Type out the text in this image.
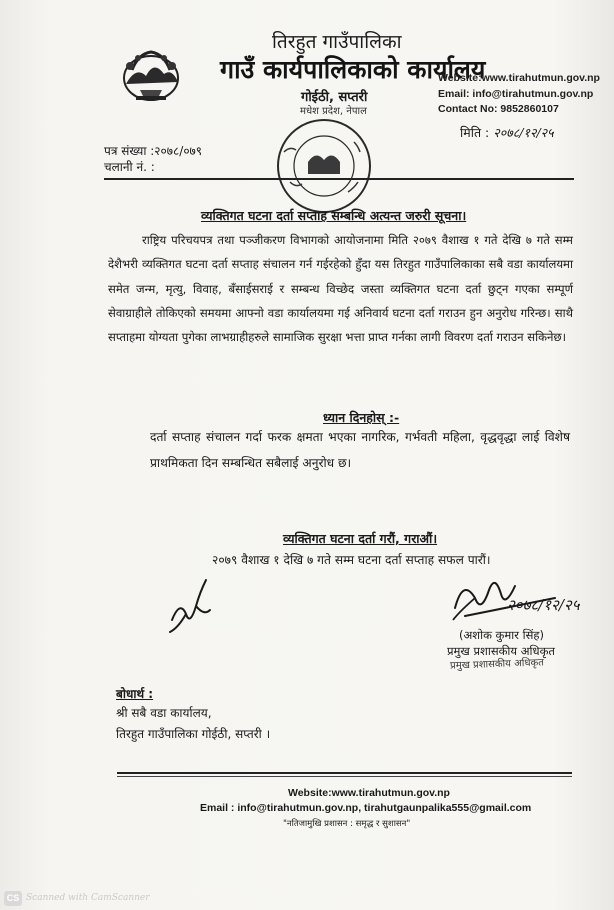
तिरहुत गाउँपालिका
गाउँ कार्यपालिकाको कार्यालय
गोईठी, सप्तरी
मधेश प्रदेश, नेपाल
Website:www.tirahutmun.gov.np
Email: info@tirahutmun.gov.np
Contact No: 9852860107
मिति : २०७८/१२/२५
पत्र संख्या :२०७८/०७९
चलानी नं. :
व्यक्तिगत घटना दर्ता सप्ताह सम्बन्धि अत्यन्त जरुरी सूचना।
राष्ट्रिय परिचयपत्र तथा पञ्जीकरण विभागको आयोजनामा मिति २०७९ वैशाख १ गते देखि ७ गते सम्म देशैभरी व्यक्तिगत घटना दर्ता सप्ताह संचालन गर्न गईरहेको हुँदा यस तिरहुत गाउँपालिकाका सबै वडा कार्यालयमा समेत जन्म, मृत्यु, विवाह, बँसाईसराई र सम्बन्ध विच्छेद जस्ता व्यक्तिगत घटना दर्ता छुट्न गएका सम्पूर्ण सेवाग्राहीले तोकिएको समयमा आफ्नो वडा कार्यालयमा गई अनिवार्य घटना दर्ता गराउन हुन अनुरोध गरिन्छ। साथै सप्ताहमा योग्यता पुगेका लाभग्राहीहरुले सामाजिक सुरक्षा भत्ता प्राप्त गर्नका लागी विवरण दर्ता गराउन सकिनेछ।
ध्यान दिनहोस् :-
दर्ता सप्ताह संचालन गर्दा फरक क्षमता भएका नागरिक, गर्भवती महिला, वृद्धवृद्धा लाई विशेष प्राथमिकता दिन सम्बन्धित सबैलाई अनुरोध छ।
व्यक्तिगत घटना दर्ता गरौं, गराऔं।
२०७९ वैशाख १ देखि ७ गते सम्म घटना दर्ता सप्ताह सफल पारौं।
२०७८/१२/२५
(अशोक कुमार सिंह)
प्रमुख प्रशासकीय अधिकृत
प्रमुख प्रशासकीय अधिकृत
बोधार्थ :
श्री सबै वडा कार्यालय,
तिरहुत गाउँपालिका गोईठी, सप्तरी ।
Website:www.tirahutmun.gov.np
Email : info@tirahutmun.gov.np, tirahutgaunpalika555@gmail.com
"नतिजामुखि प्रशासन : समृद्ध र सुशासन"
CS Scanned with CamScanner
